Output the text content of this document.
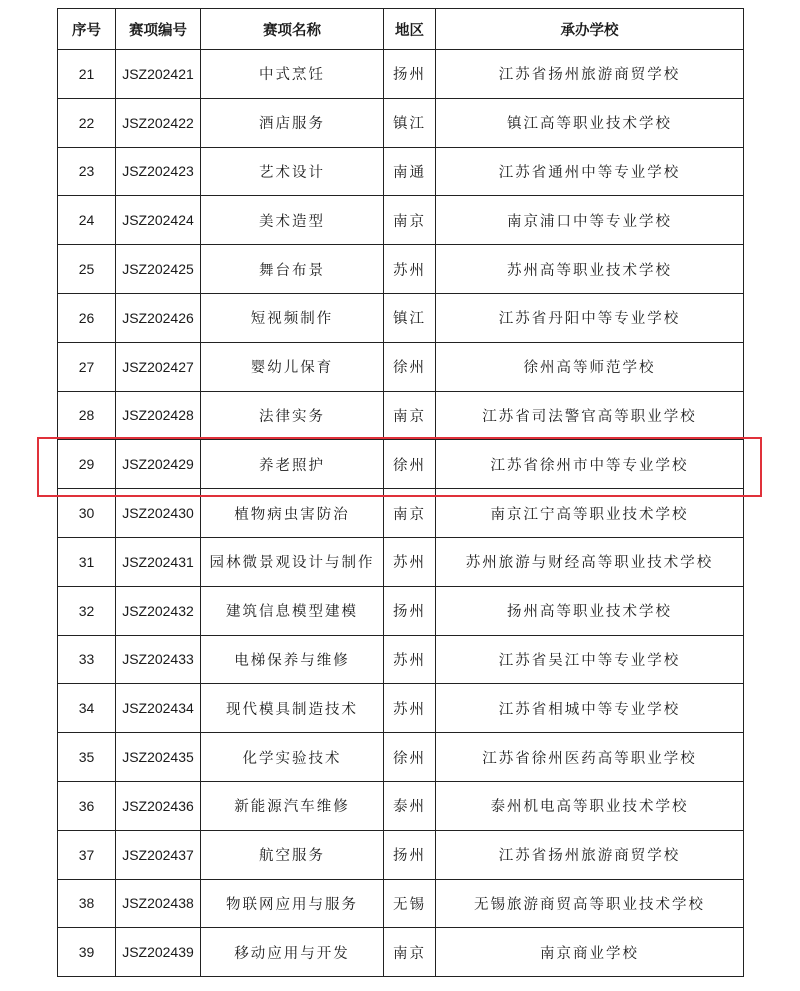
序号	赛项编号	赛项名称	地区	承办学校
21	JSZ202421	中式烹饪	扬州	江苏省扬州旅游商贸学校
22	JSZ202422	酒店服务	镇江	镇江高等职业技术学校
23	JSZ202423	艺术设计	南通	江苏省通州中等专业学校
24	JSZ202424	美术造型	南京	南京浦口中等专业学校
25	JSZ202425	舞台布景	苏州	苏州高等职业技术学校
26	JSZ202426	短视频制作	镇江	江苏省丹阳中等专业学校
27	JSZ202427	婴幼儿保育	徐州	徐州高等师范学校
28	JSZ202428	法律实务	南京	江苏省司法警官高等职业学校
29	JSZ202429	养老照护	徐州	江苏省徐州市中等专业学校
30	JSZ202430	植物病虫害防治	南京	南京江宁高等职业技术学校
31	JSZ202431	园林微景观设计与制作	苏州	苏州旅游与财经高等职业技术学校
32	JSZ202432	建筑信息模型建模	扬州	扬州高等职业技术学校
33	JSZ202433	电梯保养与维修	苏州	江苏省吴江中等专业学校
34	JSZ202434	现代模具制造技术	苏州	江苏省相城中等专业学校
35	JSZ202435	化学实验技术	徐州	江苏省徐州医药高等职业学校
36	JSZ202436	新能源汽车维修	泰州	泰州机电高等职业技术学校
37	JSZ202437	航空服务	扬州	江苏省扬州旅游商贸学校
38	JSZ202438	物联网应用与服务	无锡	无锡旅游商贸高等职业技术学校
39	JSZ202439	移动应用与开发	南京	南京商业学校
